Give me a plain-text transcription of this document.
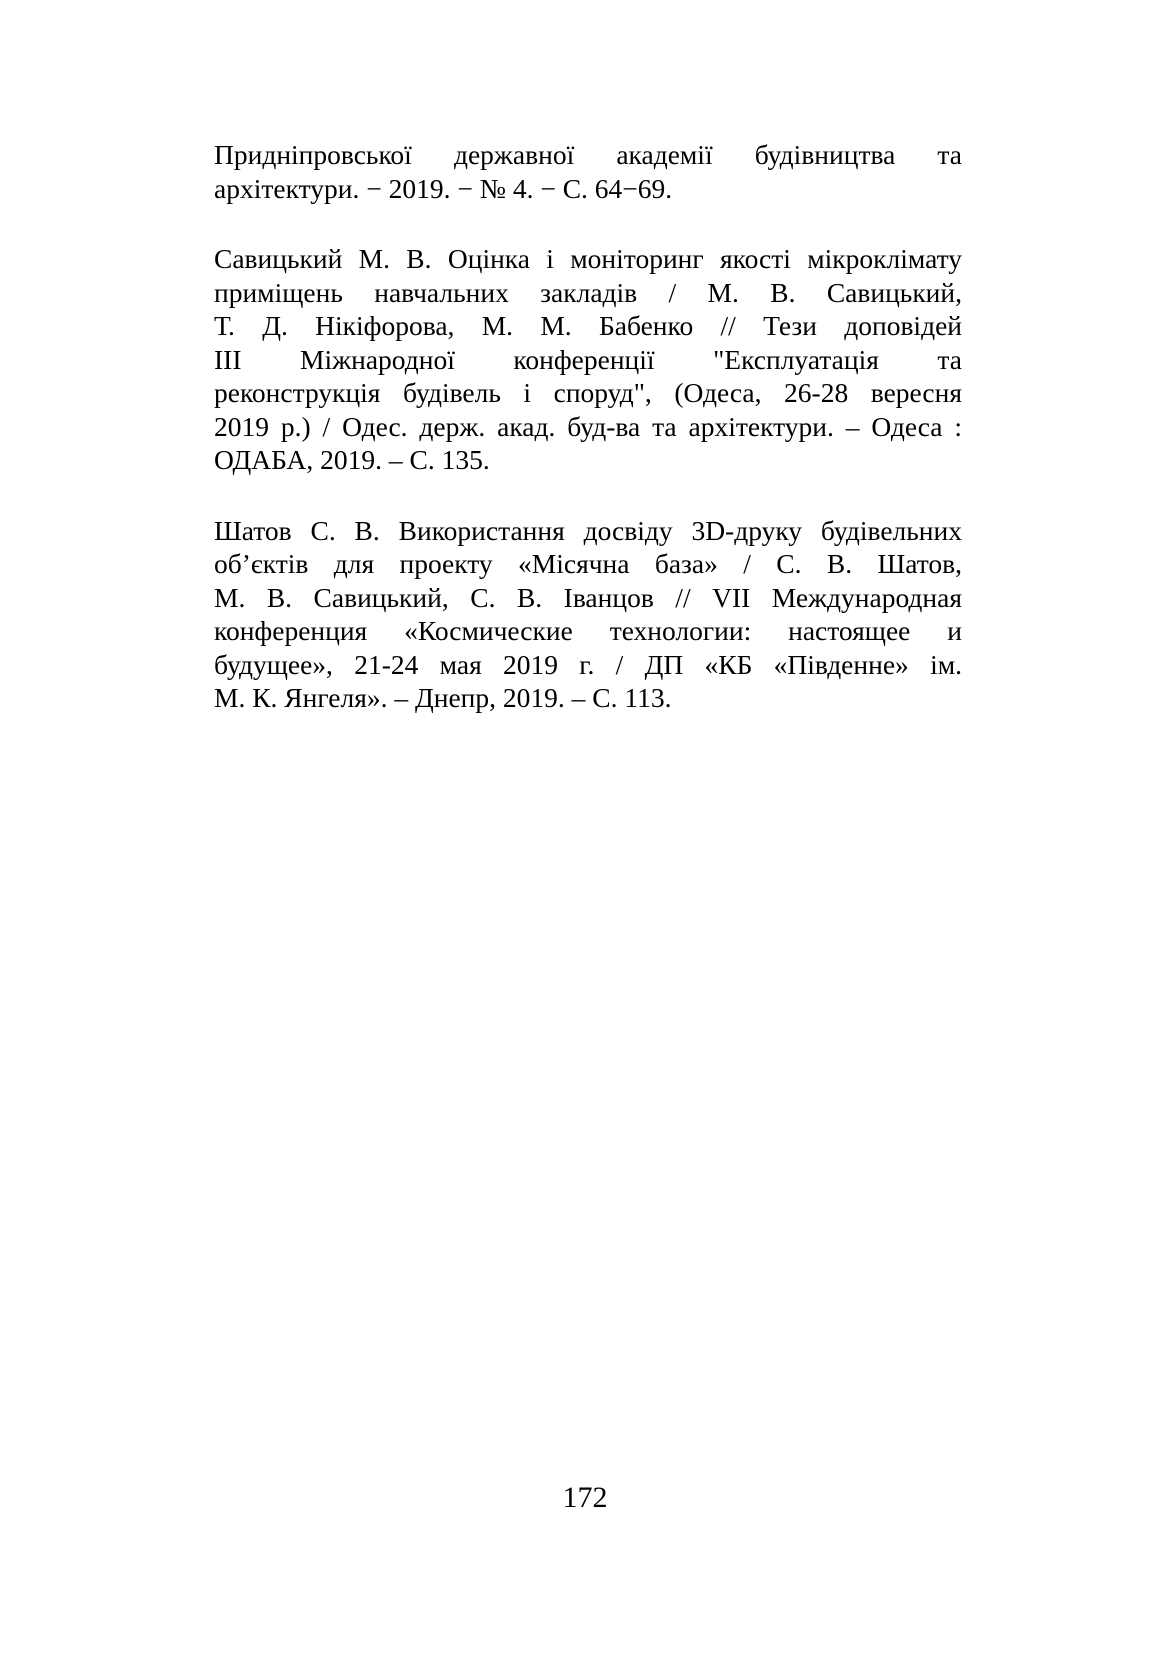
Придніпровської державної академії будівництва та
архітектури. − 2019. − № 4. − С. 64−69.
Савицький М. В. Оцінка і моніторинг якості мікроклімату
приміщень навчальних закладів / М. В. Савицький,
Т. Д. Нікіфорова, М. М. Бабенко // Тези доповідей
III Міжнародної конференції "Експлуатація та
реконструкція будівель і споруд", (Одеса, 26-28 вересня
2019 р.) / Одес. держ. акад. буд-ва та архітектури. – Одеса :
ОДАБА, 2019. – С. 135.
Шатов С. В. Використання досвіду 3D-друку будівельних
об’єктів для проекту «Місячна база» / С. В. Шатов,
М. В. Савицький, С. В. Іванцов // VII Международная
конференция «Космические технологии: настоящее и
будущее», 21-24 мая 2019 г. / ДП «КБ «Південне» ім.
М. К. Янгеля». – Днепр, 2019. – С. 113.
172
